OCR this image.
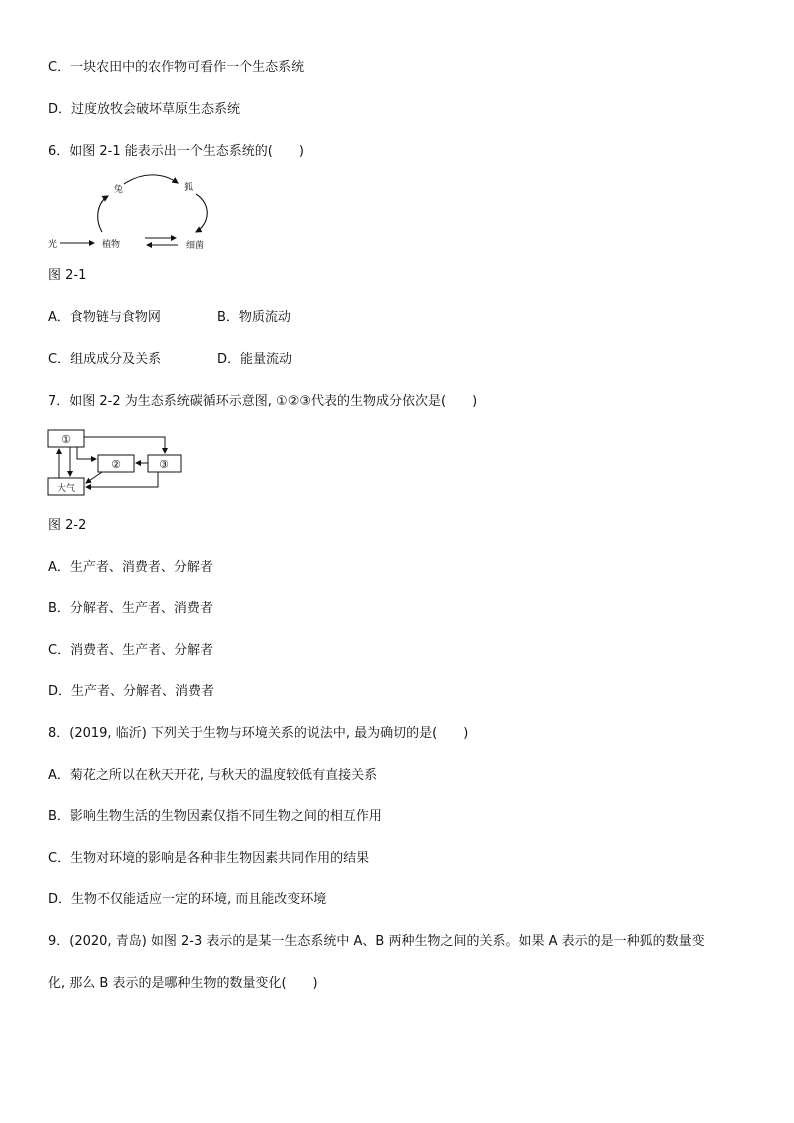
C．一块农田中的农作物可看作一个生态系统
D．过度放牧会破坏草原生态系统
6．如图 2-1 能表示出一个生态系统的(　　)
光	植物
兔	狐
细菌
图 2-1
A．食物链与食物网	B．物质流动
C．组成成分及关系	D．能量流动
7．如图 2-2 为生态系统碳循环示意图, ①②③代表的生物成分依次是(　　)
①
②	③
大气
图 2-2
A．生产者、消费者、分解者
B．分解者、生产者、消费者
C．消费者、生产者、分解者
D．生产者、分解者、消费者
8．(2019, 临沂) 下列关于生物与环境关系的说法中, 最为确切的是(　　)
A．菊花之所以在秋天开花, 与秋天的温度较低有直接关系
B．影响生物生活的生物因素仅指不同生物之间的相互作用
C．生物对环境的影响是各种非生物因素共同作用的结果
D．生物不仅能适应一定的环境, 而且能改变环境
9．(2020, 青岛) 如图 2-3 表示的是某一生态系统中 A、B 两种生物之间的关系。如果 A 表示的是一种狐的数量变
化, 那么 B 表示的是哪种生物的数量变化(　　)
